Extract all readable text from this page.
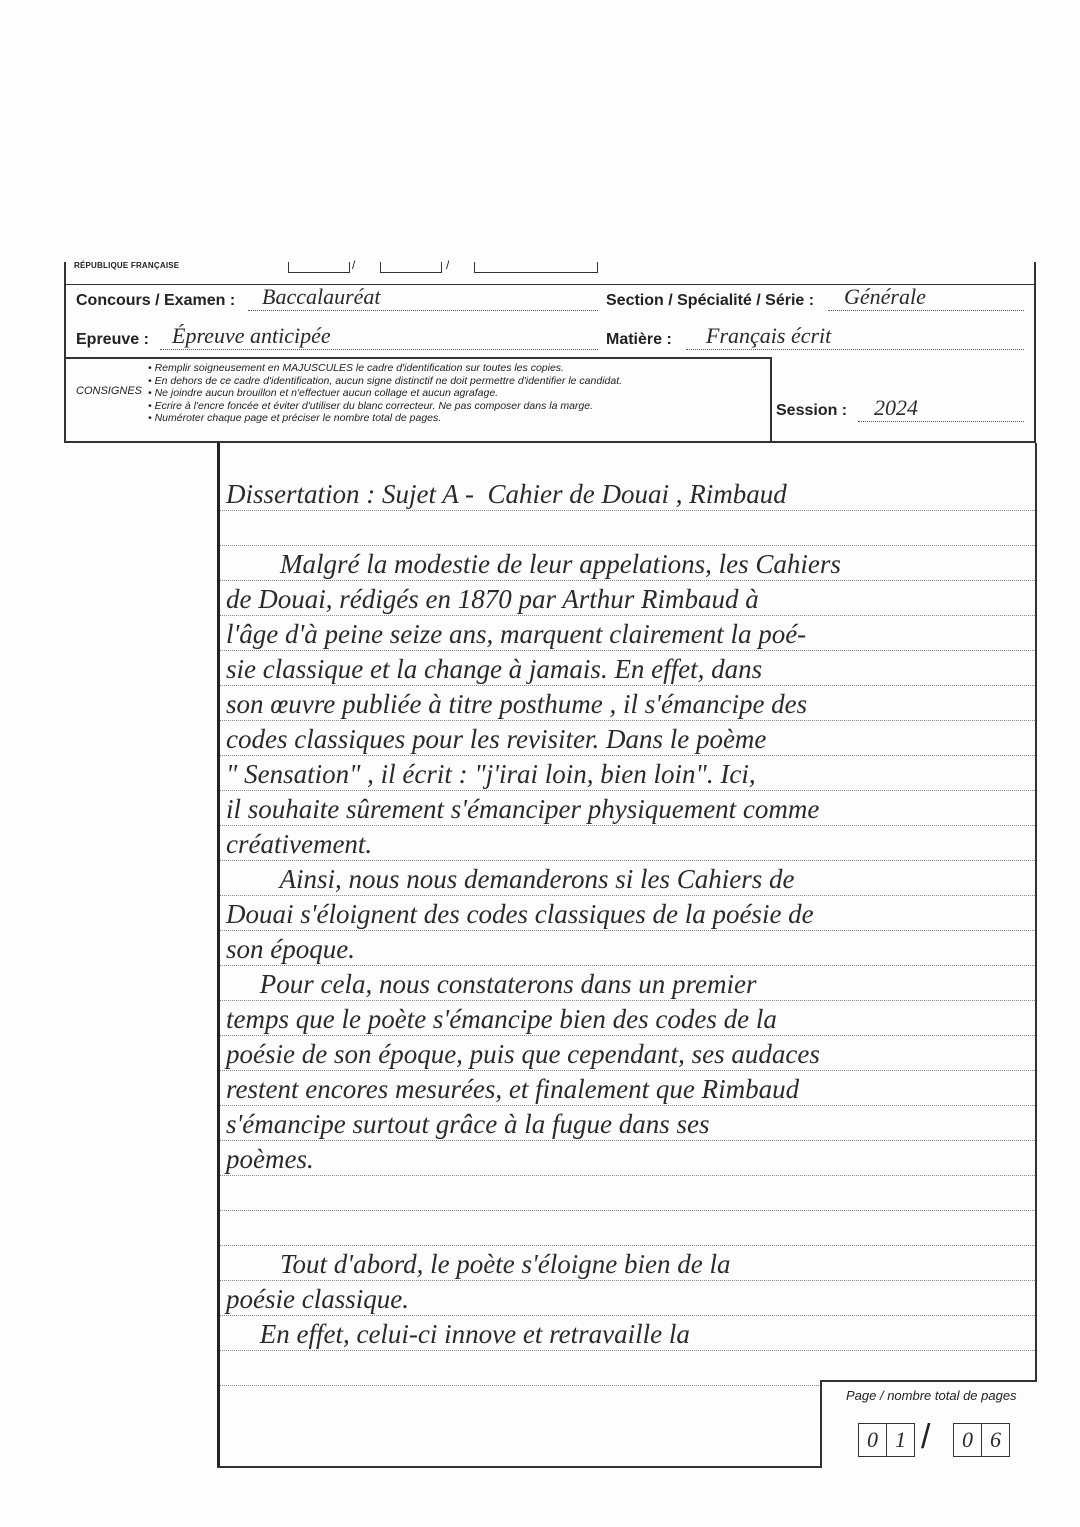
RÉPUBLIQUE FRANÇAISE	/	/
Concours / Examen : Baccalauréat	Section / Spécialité / Série : Générale
Epreuve : Épreuve anticipée	Matière : Français écrit
CONSIGNES
• Remplir soigneusement en MAJUSCULES le cadre d'identification sur toutes les copies.
• En dehors de ce cadre d'identification, aucun signe distinctif ne doit permettre d'identifier le candidat.
• Ne joindre aucun brouillon et n'effectuer aucun collage et aucun agrafage.
• Ecrire à l'encre foncée et éviter d'utiliser du blanc correcteur. Ne pas composer dans la marge.
• Numéroter chaque page et préciser le nombre total de pages.	Session : 2024
Dissertation : Sujet A -  Cahier de Douai , Rimbaud
Malgré la modestie de leur appelations, les Cahiers
de Douai, rédigés en 1870 par Arthur Rimbaud à
l'âge d'à peine seize ans, marquent clairement la poé-
sie classique et la change à jamais. En effet, dans
son œuvre publiée à titre posthume , il s'émancipe des
codes classiques pour les revisiter. Dans le poème
" Sensation" , il écrit : "j'irai loin, bien loin". Ici,
il souhaite sûrement s'émanciper physiquement comme
créativement.
Ainsi, nous nous demanderons si les Cahiers de
Douai s'éloignent des codes classiques de la poésie de
son époque.
Pour cela, nous constaterons dans un premier
temps que le poète s'émancipe bien des codes de la
poésie de son époque, puis que cependant, ses audaces
restent encores mesurées, et finalement que Rimbaud
s'émancipe surtout grâce à la fugue dans ses
poèmes.
Tout d'abord, le poète s'éloigne bien de la
poésie classique.
En effet, celui-ci innove et retravaille la
Page / nombre total de pages
0 1 /	0 6
